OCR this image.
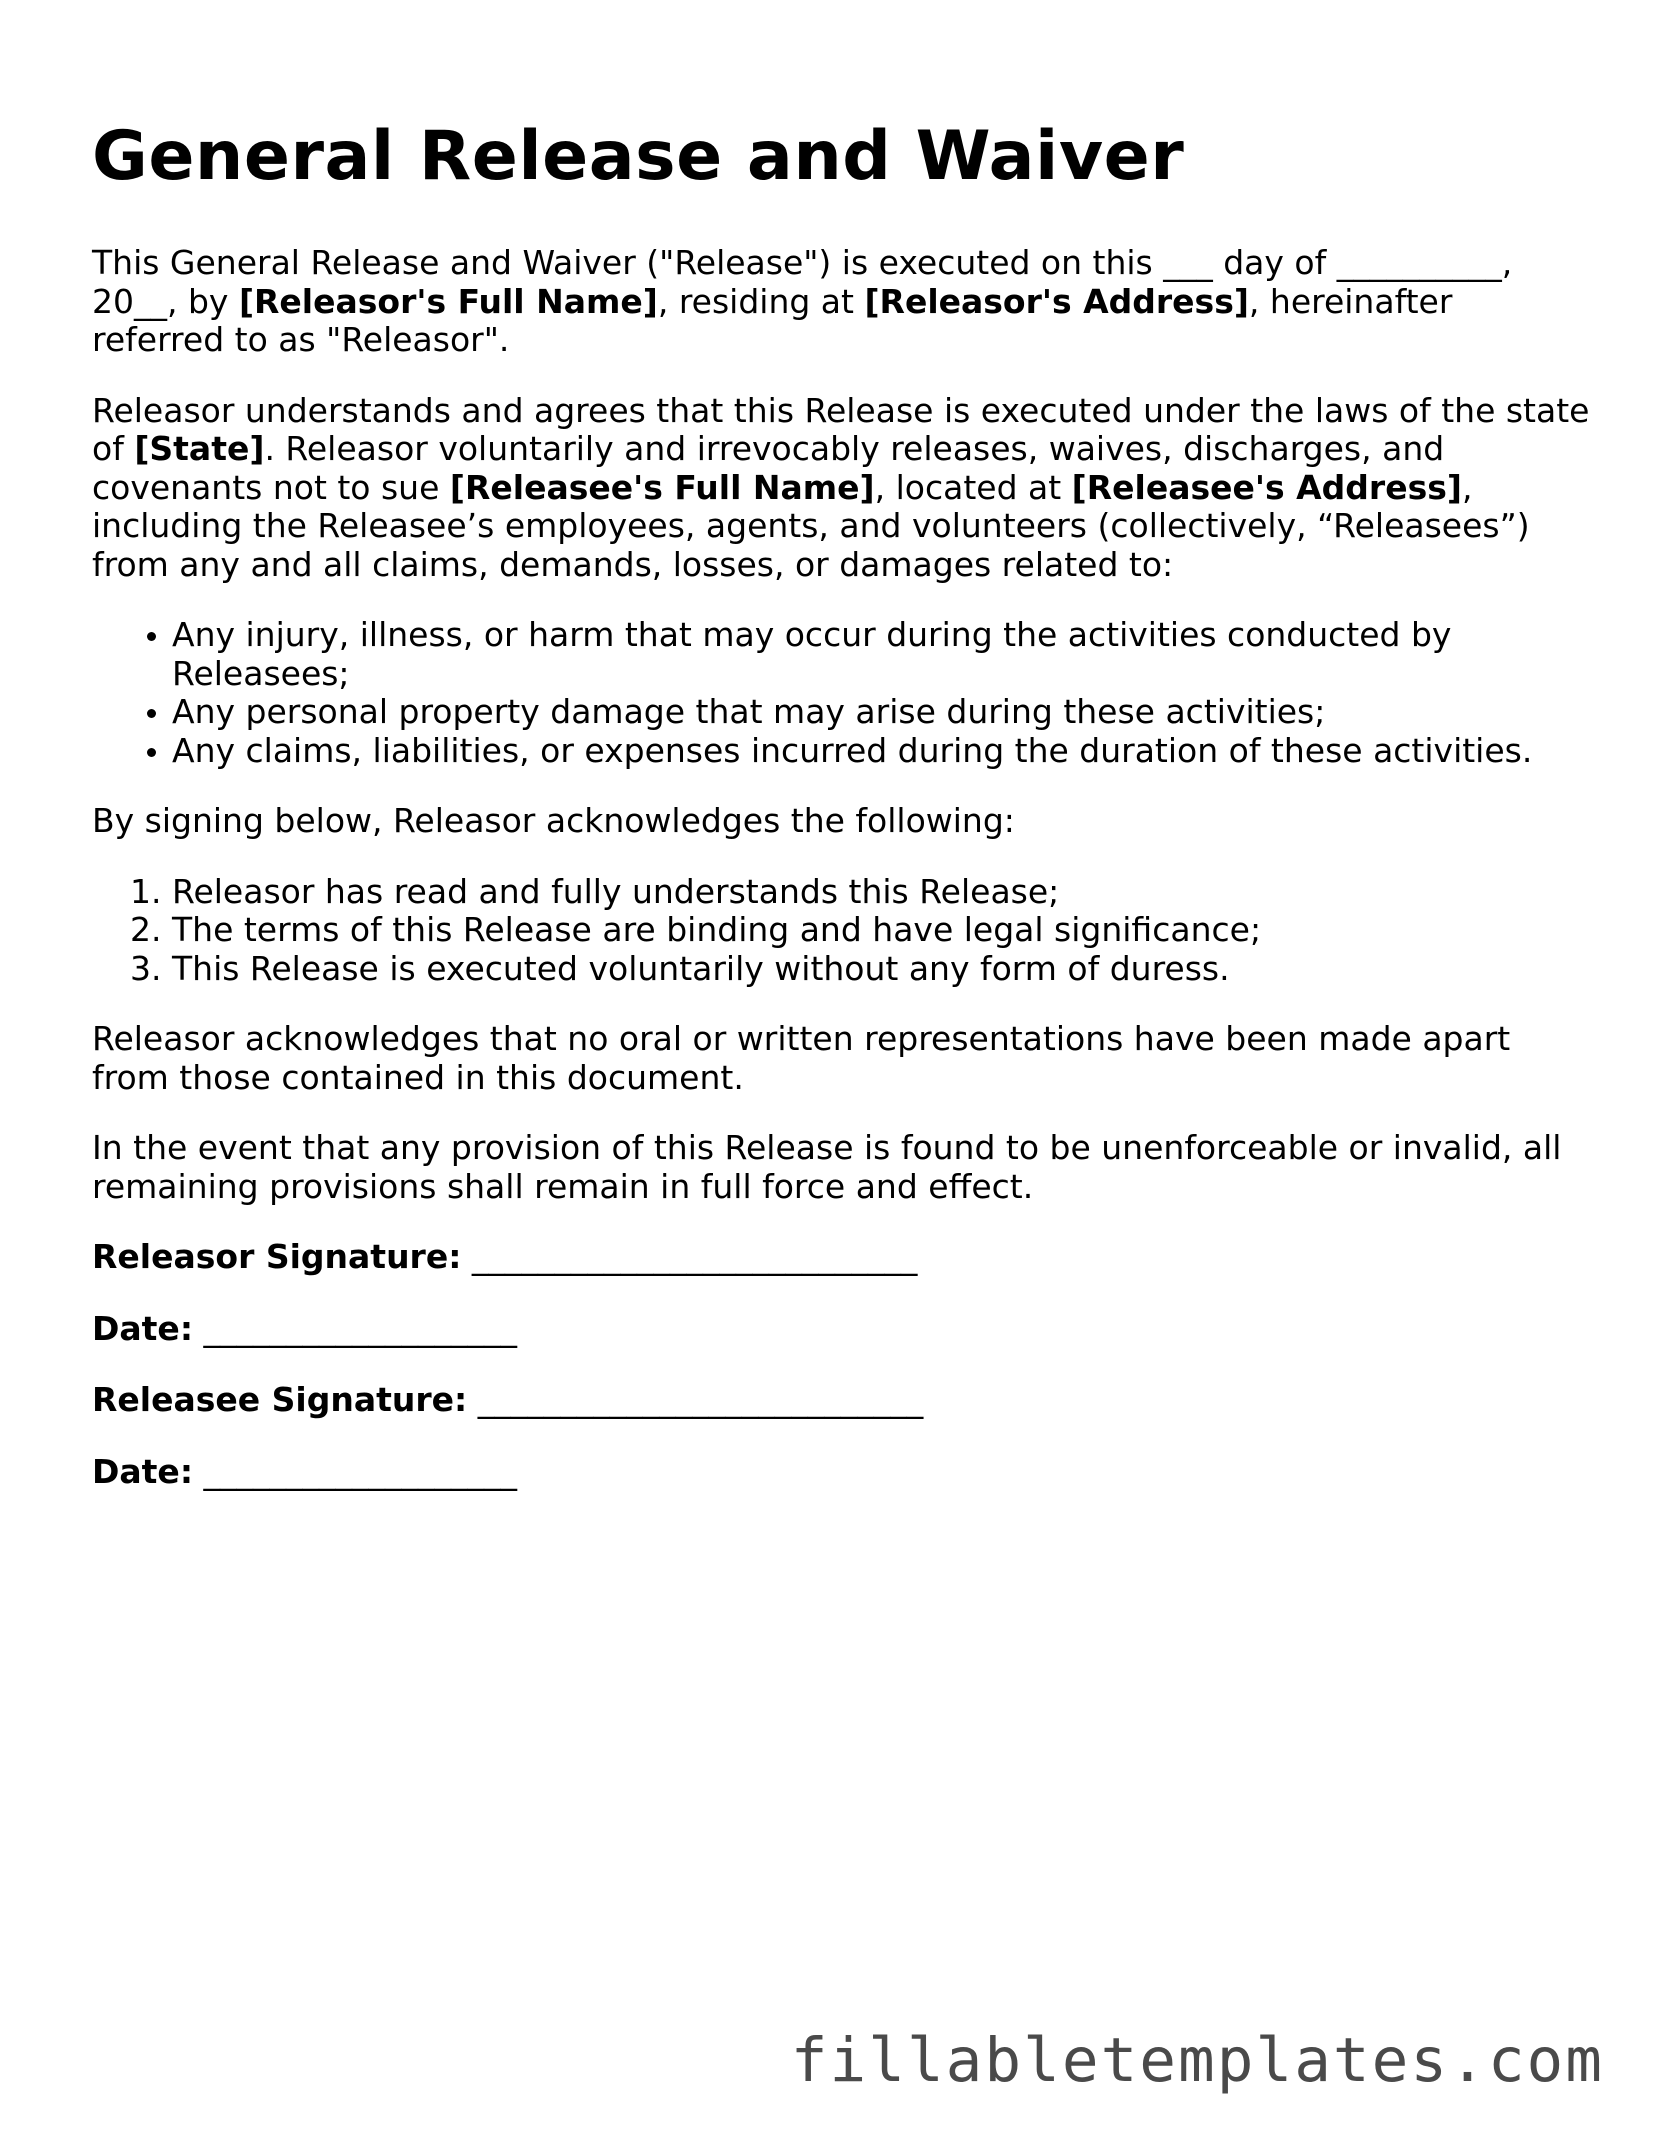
General Release and Waiver

This General Release and Waiver ("Release") is executed on this ___ day of __________, 20__, by [Releasor's Full Name], residing at [Releasor's Address], hereinafter referred to as "Releasor".

Releasor understands and agrees that this Release is executed under the laws of the state of [State]. Releasor voluntarily and irrevocably releases, waives, discharges, and covenants not to sue [Releasee's Full Name], located at [Releasee's Address], including the Releasee’s employees, agents, and volunteers (collectively, “Releasees”) from any and all claims, demands, losses, or damages related to:

• Any injury, illness, or harm that may occur during the activities conducted by Releasees;
• Any personal property damage that may arise during these activities;
• Any claims, liabilities, or expenses incurred during the duration of these activities.

By signing below, Releasor acknowledges the following:

1. Releasor has read and fully understands this Release;
2. The terms of this Release are binding and have legal significance;
3. This Release is executed voluntarily without any form of duress.

Releasor acknowledges that no oral or written representations have been made apart from those contained in this document.

In the event that any provision of this Release is found to be unenforceable or invalid, all remaining provisions shall remain in full force and effect.

Releasor Signature: ___________________________
Date: ___________________
Releasee Signature: ___________________________
Date: ___________________
fillabletemplates.com
